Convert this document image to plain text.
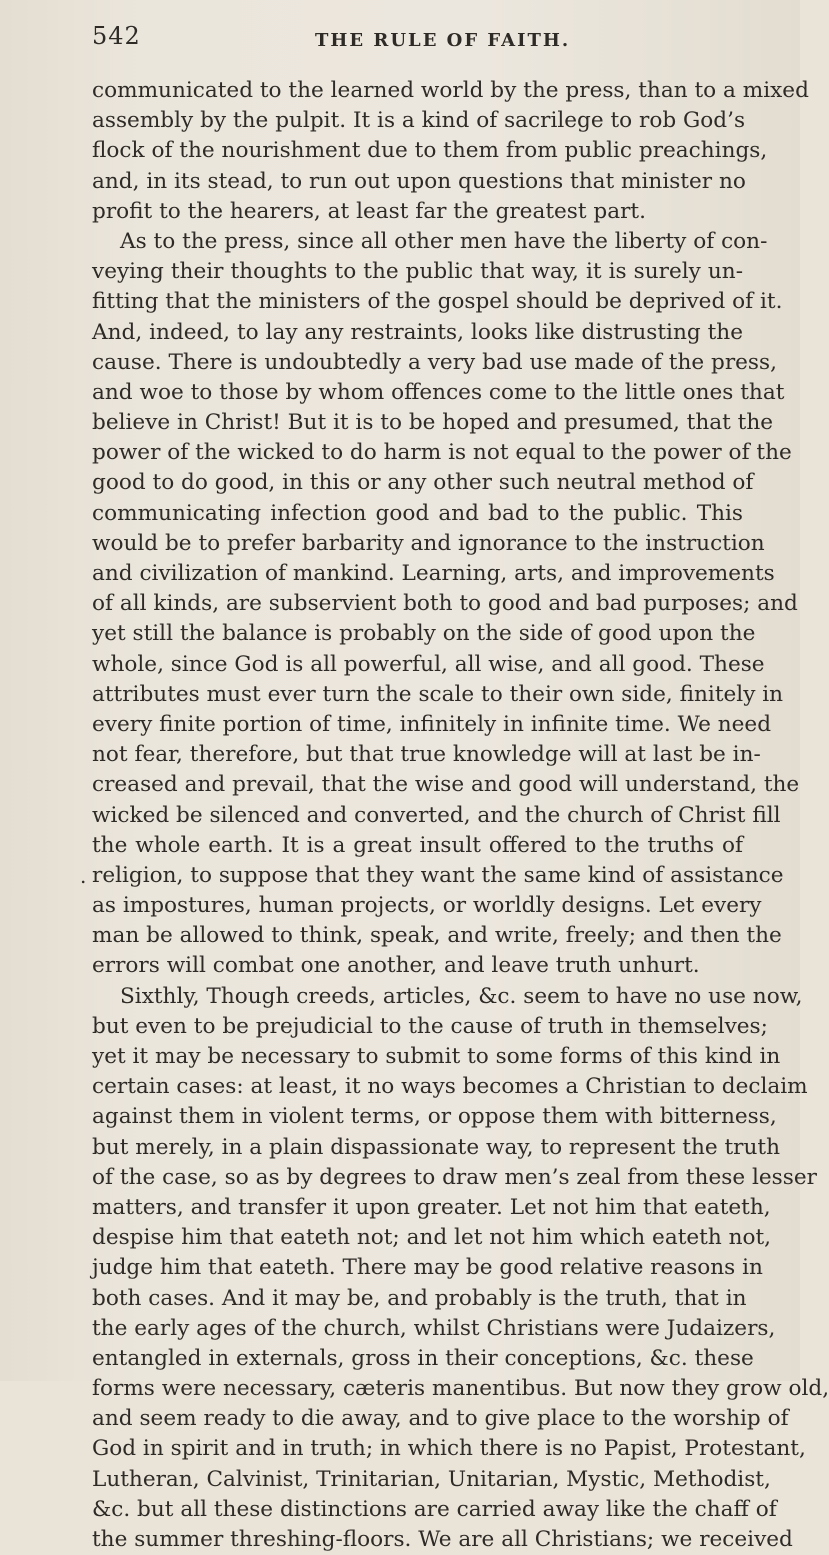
542	THE RULE OF FAITH.
.
communicated to the learned world by the press, than to a mixed
assembly by the pulpit. It is a kind of sacrilege to rob God’s
flock of the nourishment due to them from public preachings,
and, in its stead, to run out upon questions that minister no
profit to the hearers, at least far the greatest part.
As to the press, since all other men have the liberty of con-
veying their thoughts to the public that way, it is surely un-
fitting that the ministers of the gospel should be deprived of it.
And, indeed, to lay any restraints, looks like distrusting the
cause. There is undoubtedly a very bad use made of the press,
and woe to those by whom offences come to the little ones that
believe in Christ! But it is to be hoped and presumed, that the
power of the wicked to do harm is not equal to the power of the
good to do good, in this or any other such neutral method of
communicating infection good and bad to the public. This
would be to prefer barbarity and ignorance to the instruction
and civilization of mankind. Learning, arts, and improvements
of all kinds, are subservient both to good and bad purposes; and
yet still the balance is probably on the side of good upon the
whole, since God is all powerful, all wise, and all good. These
attributes must ever turn the scale to their own side, finitely in
every finite portion of time, infinitely in infinite time. We need
not fear, therefore, but that true knowledge will at last be in-
creased and prevail, that the wise and good will understand, the
wicked be silenced and converted, and the church of Christ fill
the whole earth. It is a great insult offered to the truths of
religion, to suppose that they want the same kind of assistance
as impostures, human projects, or worldly designs. Let every
man be allowed to think, speak, and write, freely; and then the
errors will combat one another, and leave truth unhurt.
Sixthly, Though creeds, articles, &c. seem to have no use now,
but even to be prejudicial to the cause of truth in themselves;
yet it may be necessary to submit to some forms of this kind in
certain cases: at least, it no ways becomes a Christian to declaim
against them in violent terms, or oppose them with bitterness,
but merely, in a plain dispassionate way, to represent the truth
of the case, so as by degrees to draw men’s zeal from these lesser
matters, and transfer it upon greater. Let not him that eateth,
despise him that eateth not; and let not him which eateth not,
judge him that eateth. There may be good relative reasons in
both cases. And it may be, and probably is the truth, that in
the early ages of the church, whilst Christians were Judaizers,
entangled in externals, gross in their conceptions, &c. these
forms were necessary, cæteris manentibus. But now they grow old,
and seem ready to die away, and to give place to the worship of
God in spirit and in truth; in which there is no Papist, Protestant,
Lutheran, Calvinist, Trinitarian, Unitarian, Mystic, Methodist,
&c. but all these distinctions are carried away like the chaff of
the summer threshing-floors. We are all Christians; we received
